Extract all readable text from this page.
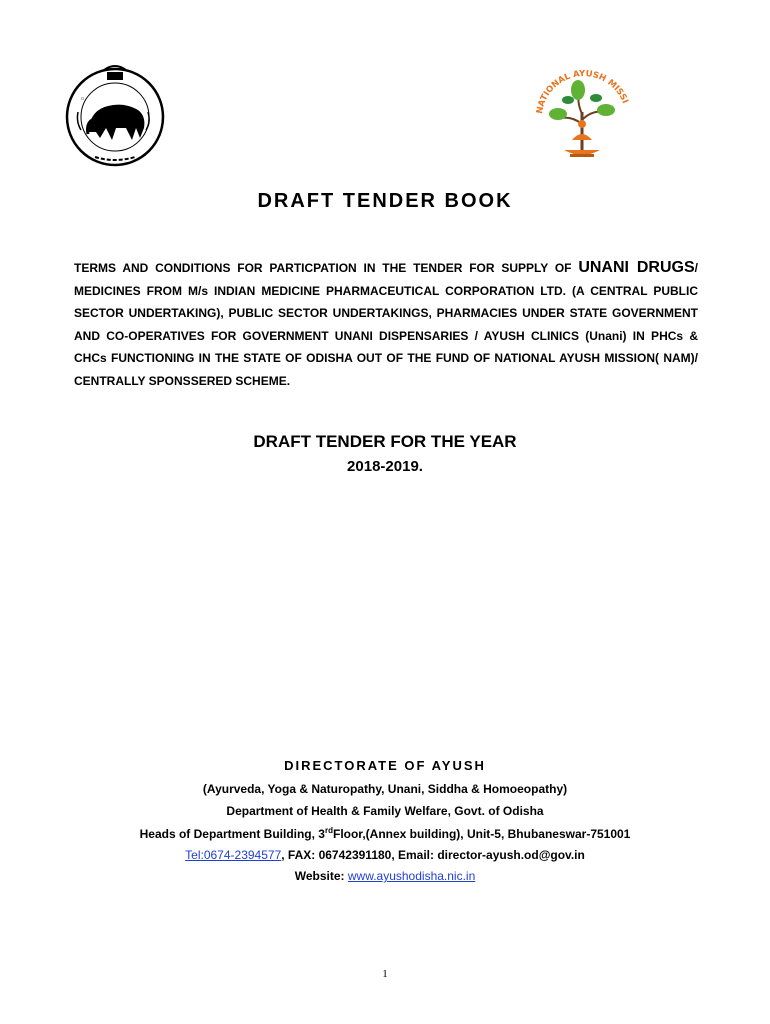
◦
NATIONAL AYUSH MISSI
DRAFT TENDER BOOK

TERMS AND CONDITIONS FOR PARTICPATION IN THE TENDER FOR SUPPLY OF UNANI DRUGS/ MEDICINES FROM M/s INDIAN MEDICINE PHARMACEUTICAL CORPORATION LTD. (A CENTRAL PUBLIC SECTOR UNDERTAKING), PUBLIC SECTOR UNDERTAKINGS, PHARMACIES UNDER STATE GOVERNMENT AND CO-OPERATIVES FOR GOVERNMENT UNANI DISPENSARIES / AYUSH CLINICS (Unani) IN PHCs & CHCs FUNCTIONING IN THE STATE OF ODISHA OUT OF THE FUND OF NATIONAL AYUSH MISSION( NAM)/ CENTRALLY SPONSSERED SCHEME.

DRAFT TENDER FOR THE YEAR
2018-2019.
DIRECTORATE OF AYUSH
(Ayurveda, Yoga & Naturopathy, Unani, Siddha & Homoeopathy)
Department of Health & Family Welfare, Govt. of Odisha
Heads of Department Building, 3rdFloor,(Annex building), Unit-5, Bhubaneswar-751001
Tel:0674-2394577, FAX: 06742391180, Email: director-ayush.od@gov.in
Website: www.ayushodisha.nic.in
1
